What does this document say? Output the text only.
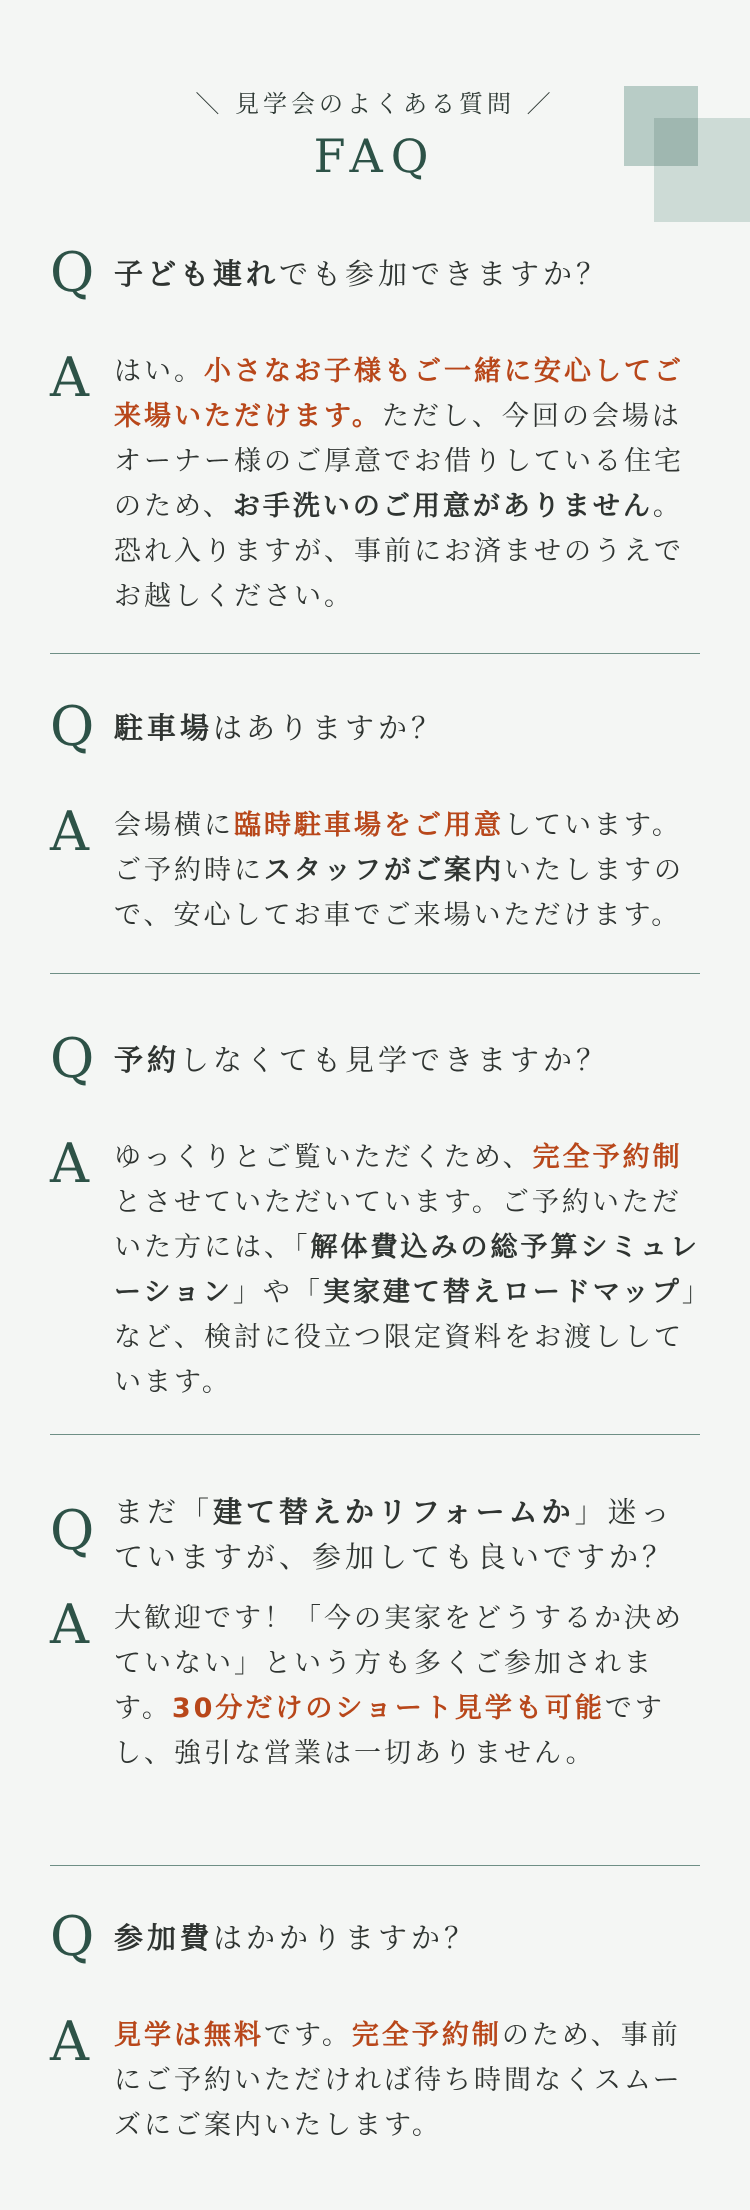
＼ 見学会のよくある質問 ／
FAQ
Q 子ども連れでも参加できますか？
A はい。小さなお子様もご一緒に安心してご来場いただけます。ただし、今回の会場はオーナー様のご厚意でお借りしている住宅のため、お手洗いのご用意がありません。恐れ入りますが、事前にお済ませのうえでお越しください。
Q 駐車場はありますか？
A 会場横に臨時駐車場をご用意しています。ご予約時にスタッフがご案内いたしますので、安心してお車でご来場いただけます。
Q 予約しなくても見学できますか？
A ゆっくりとご覧いただくため、完全予約制とさせていただいています。ご予約いただいた方には、「解体費込みの総予算シミュレーション」や「実家建て替えロードマップ」など、検討に役立つ限定資料をお渡ししています。
Q まだ「建て替えかリフォームか」迷っていますが、参加しても良いですか？
A 大歓迎です！「今の実家をどうするか決めていない」という方も多くご参加されます。30分だけのショート見学も可能ですし、強引な営業は一切ありません。
Q 参加費はかかりますか？
A 見学は無料です。完全予約制のため、事前にご予約いただければ待ち時間なくスムーズにご案内いたします。
